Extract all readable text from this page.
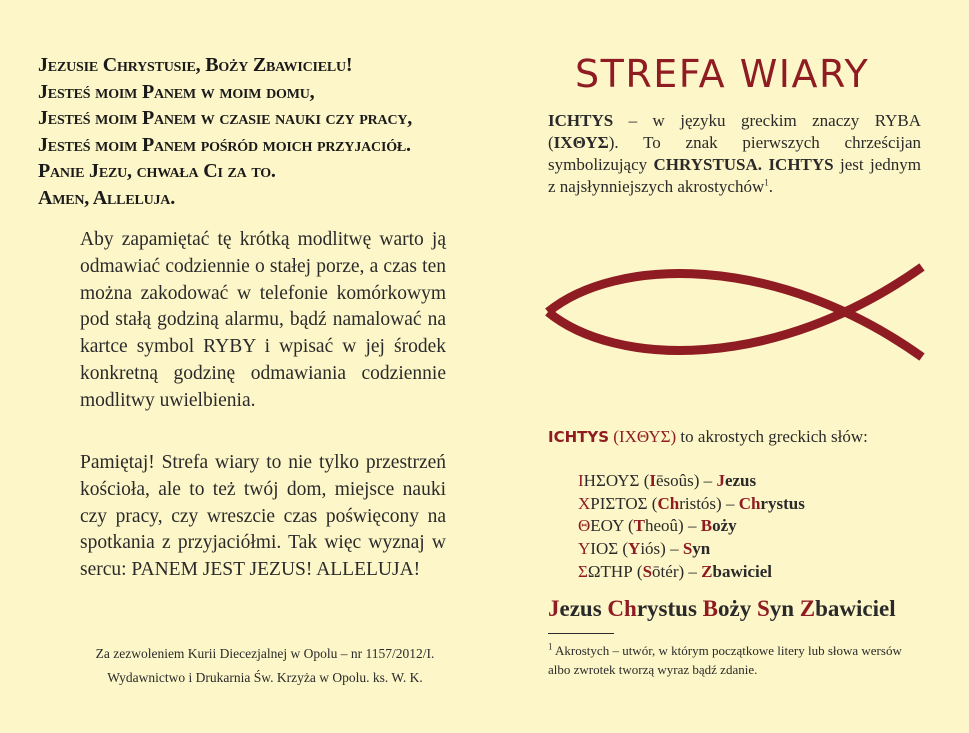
Jezusie Chrystusie, Boży Zbawicielu!
Jesteś moim Panem w moim domu,
Jesteś moim Panem w czasie nauki czy pracy,
Jesteś moim Panem pośród moich przyjaciół.
Panie Jezu, chwała Ci za to.
Amen, Alleluja.
Aby zapamiętać tę krótką modlitwę warto ją odmawiać codziennie o stałej porze, a czas ten można zakodować w telefonie komórkowym pod stałą godziną alarmu, bądź namalować na kartce symbol RYBY i wpisać w jej środek konkretną godzinę odmawiania codziennie modlitwy uwielbienia.
Pamiętaj! Strefa wiary to nie tylko przestrzeń kościoła, ale to też twój dom, miejsce nauki czy pracy, czy wreszcie czas poświęcony na spotkania z przyjaciółmi. Tak więc wyznaj w sercu: PANEM JEST JEZUS! ALLELUJA!
Za zezwoleniem Kurii Diecezjalnej w Opolu – nr 1157/2012/I.
Wydawnictwo i Drukarnia Św. Krzyża w Opolu. ks. W. K.
STREFA WIARY
ICHTYS – w języku greckim znaczy RYBA (ΙΧΘΥΣ). To znak pierwszych chrześcijan symbolizujący CHRYSTUSA. ICHTYS jest jednym z najsłynniejszych akrostychów$^1$.
ICHTYS (ΙΧΘΥΣ) to akrostych greckich słów:
ΙΗΣΟΥΣ (Iēsoûs) – Jezus
ΧΡΙΣΤΟΣ (Christós) – Chrystus
ΘΕΟΥ (Theoû) – Boży
ΥΙΟΣ (Yiós) – Syn
ΣΩΤΗΡ (Sōtér) – Zbawiciel
Jezus Chrystus Boży Syn Zbawiciel
$^1$ Akrostych – utwór, w którym początkowe litery lub słowa wersów albo zwrotek tworzą wyraz bądź zdanie.
